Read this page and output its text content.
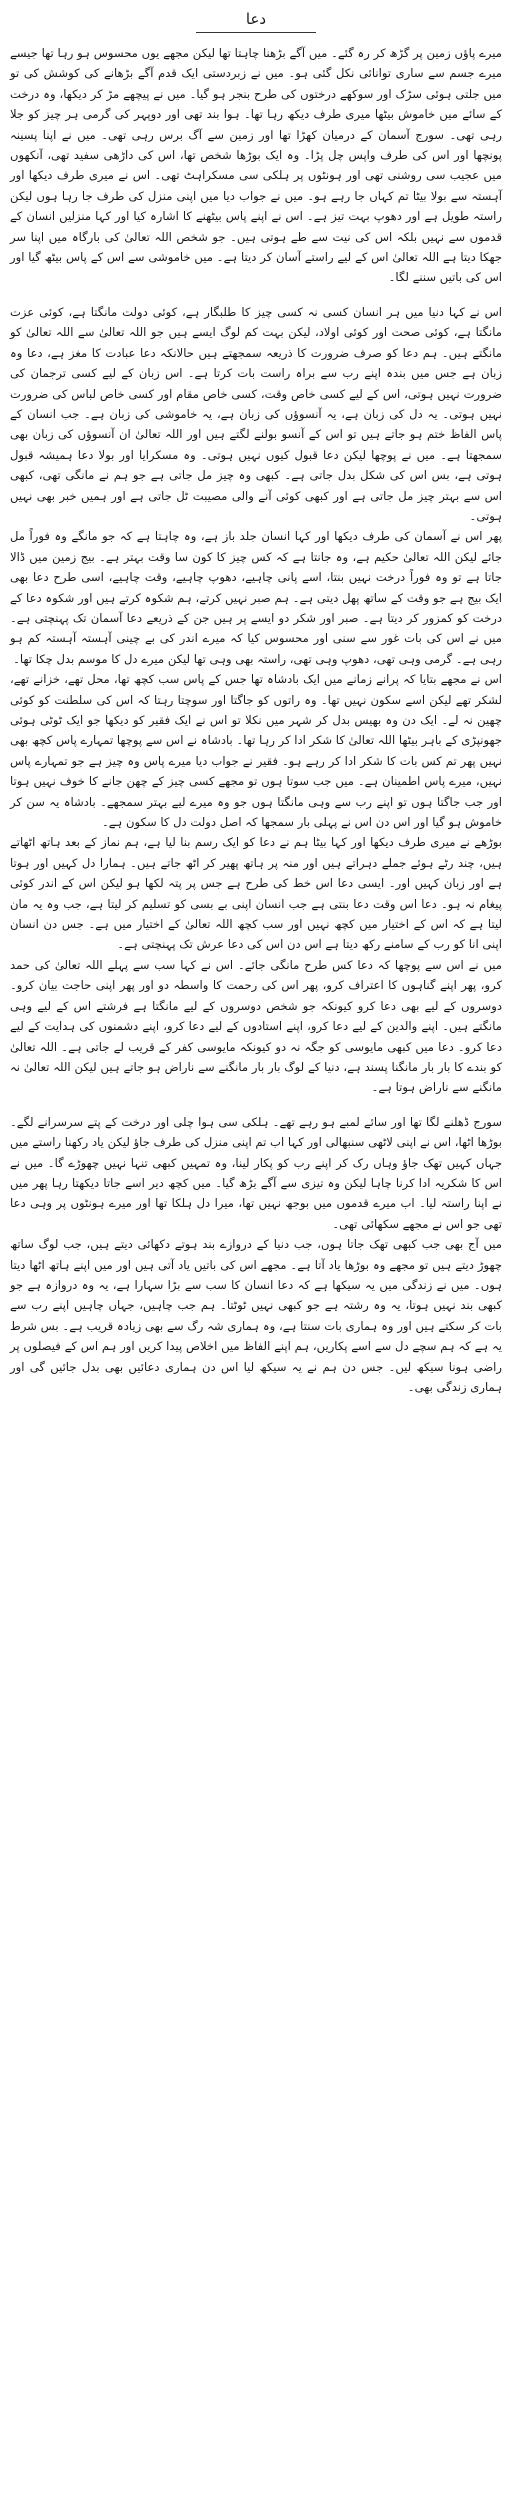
دعا

میرے پاؤں زمین پر گڑھ کر رہ گئے۔ میں آگے بڑھنا چاہتا تھا لیکن مجھے یوں محسوس ہو رہا تھا جیسے میرے جسم سے ساری توانائی نکل گئی ہو۔ میں نے زبردستی ایک قدم آگے بڑھانے کی کوشش کی تو میں جلتی ہوئی سڑک اور سوکھے درختوں کی طرح بنجر ہو گیا۔ میں نے پیچھے مڑ کر دیکھا، وہ درخت کے سائے میں خاموش بیٹھا میری طرف دیکھ رہا تھا۔ ہوا بند تھی اور دوپہر کی گرمی ہر چیز کو جلا رہی تھی۔ سورج آسمان کے درمیان کھڑا تھا اور زمین سے آگ برس رہی تھی۔ میں نے اپنا پسینہ پونچھا اور اس کی طرف واپس چل پڑا۔ وہ ایک بوڑھا شخص تھا، اس کی داڑھی سفید تھی، آنکھوں میں عجیب سی روشنی تھی اور ہونٹوں پر ہلکی سی مسکراہٹ تھی۔ اس نے میری طرف دیکھا اور آہستہ سے بولا بیٹا تم کہاں جا رہے ہو۔ میں نے جواب دیا میں اپنی منزل کی طرف جا رہا ہوں لیکن راستہ طویل ہے اور دھوپ بہت تیز ہے۔ اس نے اپنے پاس بیٹھنے کا اشارہ کیا اور کہا منزلیں انسان کے قدموں سے نہیں بلکہ اس کی نیت سے طے ہوتی ہیں۔ جو شخص اللہ تعالیٰ کی بارگاہ میں اپنا سر جھکا دیتا ہے اللہ تعالیٰ اس کے لیے راستے آسان کر دیتا ہے۔ میں خاموشی سے اس کے پاس بیٹھ گیا اور اس کی باتیں سننے لگا۔

اس نے کہا دنیا میں ہر انسان کسی نہ کسی چیز کا طلبگار ہے، کوئی دولت مانگتا ہے، کوئی عزت مانگتا ہے، کوئی صحت اور کوئی اولاد، لیکن بہت کم لوگ ایسے ہیں جو اللہ تعالیٰ سے اللہ تعالیٰ کو مانگتے ہیں۔ ہم دعا کو صرف ضرورت کا ذریعہ سمجھتے ہیں حالانکہ دعا عبادت کا مغز ہے، دعا وہ زبان ہے جس میں بندہ اپنے رب سے براہ راست بات کرتا ہے۔ اس زبان کے لیے کسی ترجمان کی ضرورت نہیں ہوتی، اس کے لیے کسی خاص وقت، کسی خاص مقام اور کسی خاص لباس کی ضرورت نہیں ہوتی۔ یہ دل کی زبان ہے، یہ آنسوؤں کی زبان ہے، یہ خاموشی کی زبان ہے۔ جب انسان کے پاس الفاظ ختم ہو جاتے ہیں تو اس کے آنسو بولنے لگتے ہیں اور اللہ تعالیٰ ان آنسوؤں کی زبان بھی سمجھتا ہے۔ میں نے پوچھا لیکن دعا قبول کیوں نہیں ہوتی۔ وہ مسکرایا اور بولا دعا ہمیشہ قبول ہوتی ہے، بس اس کی شکل بدل جاتی ہے۔ کبھی وہ چیز مل جاتی ہے جو ہم نے مانگی تھی، کبھی اس سے بہتر چیز مل جاتی ہے اور کبھی کوئی آنے والی مصیبت ٹل جاتی ہے اور ہمیں خبر بھی نہیں ہوتی۔

پھر اس نے آسمان کی طرف دیکھا اور کہا انسان جلد باز ہے، وہ چاہتا ہے کہ جو مانگے وہ فوراً مل جائے لیکن اللہ تعالیٰ حکیم ہے، وہ جانتا ہے کہ کس چیز کا کون سا وقت بہتر ہے۔ بیج زمین میں ڈالا جاتا ہے تو وہ فوراً درخت نہیں بنتا، اسے پانی چاہیے، دھوپ چاہیے، وقت چاہیے، اسی طرح دعا بھی ایک بیج ہے جو وقت کے ساتھ پھل دیتی ہے۔ ہم صبر نہیں کرتے، ہم شکوہ کرتے ہیں اور شکوہ دعا کے درخت کو کمزور کر دیتا ہے۔ صبر اور شکر دو ایسے پر ہیں جن کے ذریعے دعا آسمان تک پہنچتی ہے۔ میں نے اس کی بات غور سے سنی اور محسوس کیا کہ میرے اندر کی بے چینی آہستہ آہستہ کم ہو رہی ہے۔ گرمی وہی تھی، دھوپ وہی تھی، راستہ بھی وہی تھا لیکن میرے دل کا موسم بدل چکا تھا۔

اس نے مجھے بتایا کہ پرانے زمانے میں ایک بادشاہ تھا جس کے پاس سب کچھ تھا، محل تھے، خزانے تھے، لشکر تھے لیکن اسے سکون نہیں تھا۔ وہ راتوں کو جاگتا اور سوچتا رہتا کہ اس کی سلطنت کو کوئی چھین نہ لے۔ ایک دن وہ بھیس بدل کر شہر میں نکلا تو اس نے ایک فقیر کو دیکھا جو ایک ٹوٹی ہوئی جھونپڑی کے باہر بیٹھا اللہ تعالیٰ کا شکر ادا کر رہا تھا۔ بادشاہ نے اس سے پوچھا تمہارے پاس کچھ بھی نہیں پھر تم کس بات کا شکر ادا کر رہے ہو۔ فقیر نے جواب دیا میرے پاس وہ چیز ہے جو تمہارے پاس نہیں، میرے پاس اطمینان ہے۔ میں جب سوتا ہوں تو مجھے کسی چیز کے چھن جانے کا خوف نہیں ہوتا اور جب جاگتا ہوں تو اپنے رب سے وہی مانگتا ہوں جو وہ میرے لیے بہتر سمجھے۔ بادشاہ یہ سن کر خاموش ہو گیا اور اس دن اس نے پہلی بار سمجھا کہ اصل دولت دل کا سکون ہے۔

بوڑھے نے میری طرف دیکھا اور کہا بیٹا ہم نے دعا کو ایک رسم بنا لیا ہے، ہم نماز کے بعد ہاتھ اٹھاتے ہیں، چند رٹے ہوئے جملے دہراتے ہیں اور منہ پر ہاتھ پھیر کر اٹھ جاتے ہیں۔ ہمارا دل کہیں اور ہوتا ہے اور زبان کہیں اور۔ ایسی دعا اس خط کی طرح ہے جس پر پتہ لکھا ہو لیکن اس کے اندر کوئی پیغام نہ ہو۔ دعا اس وقت دعا بنتی ہے جب انسان اپنی بے بسی کو تسلیم کر لیتا ہے، جب وہ یہ مان لیتا ہے کہ اس کے اختیار میں کچھ نہیں اور سب کچھ اللہ تعالیٰ کے اختیار میں ہے۔ جس دن انسان اپنی انا کو رب کے سامنے رکھ دیتا ہے اس دن اس کی دعا عرش تک پہنچتی ہے۔

میں نے اس سے پوچھا کہ دعا کس طرح مانگی جائے۔ اس نے کہا سب سے پہلے اللہ تعالیٰ کی حمد کرو، پھر اپنے گناہوں کا اعتراف کرو، پھر اس کی رحمت کا واسطہ دو اور پھر اپنی حاجت بیان کرو۔ دوسروں کے لیے بھی دعا کرو کیونکہ جو شخص دوسروں کے لیے مانگتا ہے فرشتے اس کے لیے وہی مانگتے ہیں۔ اپنے والدین کے لیے دعا کرو، اپنے استادوں کے لیے دعا کرو، اپنے دشمنوں کی ہدایت کے لیے دعا کرو۔ دعا میں کبھی مایوسی کو جگہ نہ دو کیونکہ مایوسی کفر کے قریب لے جاتی ہے۔ اللہ تعالیٰ کو بندے کا بار بار مانگنا پسند ہے، دنیا کے لوگ بار بار مانگنے سے ناراض ہو جاتے ہیں لیکن اللہ تعالیٰ نہ مانگنے سے ناراض ہوتا ہے۔

سورج ڈھلنے لگا تھا اور سائے لمبے ہو رہے تھے۔ ہلکی سی ہوا چلی اور درخت کے پتے سرسرانے لگے۔ بوڑھا اٹھا، اس نے اپنی لاٹھی سنبھالی اور کہا اب تم اپنی منزل کی طرف جاؤ لیکن یاد رکھنا راستے میں جہاں کہیں تھک جاؤ وہاں رک کر اپنے رب کو پکار لینا، وہ تمہیں کبھی تنہا نہیں چھوڑے گا۔ میں نے اس کا شکریہ ادا کرنا چاہا لیکن وہ تیزی سے آگے بڑھ گیا۔ میں کچھ دیر اسے جاتا دیکھتا رہا پھر میں نے اپنا راستہ لیا۔ اب میرے قدموں میں بوجھ نہیں تھا، میرا دل ہلکا تھا اور میرے ہونٹوں پر وہی دعا تھی جو اس نے مجھے سکھائی تھی۔

میں آج بھی جب کبھی تھک جاتا ہوں، جب دنیا کے دروازے بند ہوتے دکھائی دیتے ہیں، جب لوگ ساتھ چھوڑ دیتے ہیں تو مجھے وہ بوڑھا یاد آتا ہے۔ مجھے اس کی باتیں یاد آتی ہیں اور میں اپنے ہاتھ اٹھا دیتا ہوں۔ میں نے زندگی میں یہ سیکھا ہے کہ دعا انسان کا سب سے بڑا سہارا ہے، یہ وہ دروازہ ہے جو کبھی بند نہیں ہوتا، یہ وہ رشتہ ہے جو کبھی نہیں ٹوٹتا۔ ہم جب چاہیں، جہاں چاہیں اپنے رب سے بات کر سکتے ہیں اور وہ ہماری بات سنتا ہے، وہ ہماری شہ رگ سے بھی زیادہ قریب ہے۔ بس شرط یہ ہے کہ ہم سچے دل سے اسے پکاریں، ہم اپنے الفاظ میں اخلاص پیدا کریں اور ہم اس کے فیصلوں پر راضی ہونا سیکھ لیں۔ جس دن ہم نے یہ سیکھ لیا اس دن ہماری دعائیں بھی بدل جائیں گی اور ہماری زندگی بھی۔
